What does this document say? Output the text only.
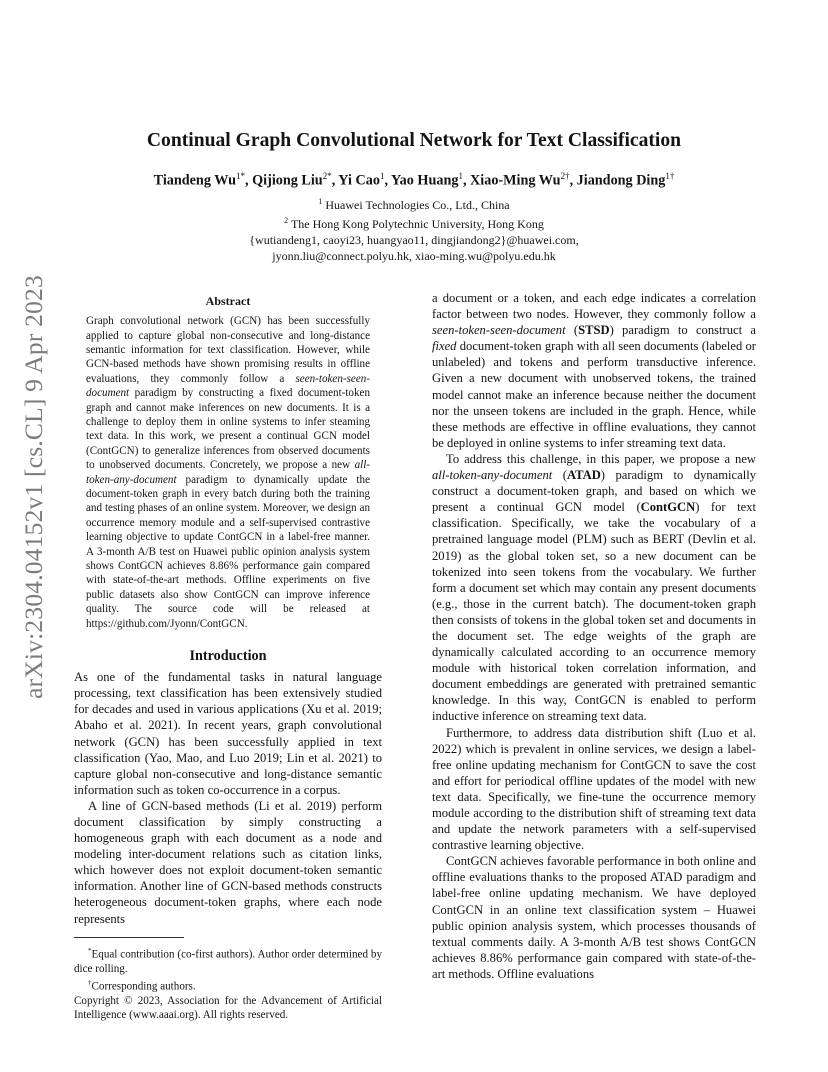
arXiv:2304.04152v1 [cs.CL] 9 Apr 2023
Continual Graph Convolutional Network for Text Classification
Tiandeng $Wu^{1*}$, Qijiong Liu$^{2*}$, Yi Cao$^1$, Yao Huang$^1$, Xiao-Ming $Wu^{2\dagger}$, Jiandong Ding$^{1\dagger}$
$^1$ Huawei Technologies Co., Ltd., China
$^2$ The Hong Kong Polytechnic University, Hong Kong
{wutiandeng1, caoyi23, huangyao11, dingjiandong2}@huawei.com,
jyonn.liu@connect.polyu.hk, xiao-ming.wu@polyu.edu.hk
Abstract
Graph convolutional network (GCN) has been successfully applied to capture global non-consecutive and long-distance semantic information for text classification. However, while GCN-based methods have shown promising results in offline evaluations, they commonly follow a seen-token-seen-document paradigm by constructing a fixed document-token graph and cannot make inferences on new documents. It is a challenge to deploy them in online systems to infer steaming text data. In this work, we present a continual GCN model (ContGCN) to generalize inferences from observed documents to unobserved documents. Concretely, we propose a new all-token-any-document paradigm to dynamically update the document-token graph in every batch during both the training and testing phases of an online system. Moreover, we design an occurrence memory module and a self-supervised contrastive learning objective to update ContGCN in a label-free manner. A 3-month A/B test on Huawei public opinion analysis system shows ContGCN achieves 8.86% performance gain compared with state-of-the-art methods. Offline experiments on five public datasets also show ContGCN can improve inference quality. The source code will be released at https://github.com/Jyonn/ContGCN.
Introduction

As one of the fundamental tasks in natural language processing, text classification has been extensively studied for decades and used in various applications (Xu et al. 2019; Abaho et al. 2021). In recent years, graph convolutional network (GCN) has been successfully applied in text classification (Yao, Mao, and Luo 2019; Lin et al. 2021) to capture global non-consecutive and long-distance semantic information such as token co-occurrence in a corpus.

A line of GCN-based methods (Li et al. 2019) perform document classification by simply constructing a homogeneous graph with each document as a node and modeling inter-document relations such as citation links, which however does not exploit document-token semantic information. Another line of GCN-based methods constructs heterogeneous document-token graphs, where each node represents

*Equal contribution (co-first authors). Author order determined by dice rolling.

†Corresponding authors.

Copyright © 2023, Association for the Advancement of Artificial Intelligence (www.aaai.org). All rights reserved.

a document or a token, and each edge indicates a correlation factor between two nodes. However, they commonly follow a seen-token-seen-document (STSD) paradigm to construct a fixed document-token graph with all seen documents (labeled or unlabeled) and tokens and perform transductive inference. Given a new document with unobserved tokens, the trained model cannot make an inference because neither the document nor the unseen tokens are included in the graph. Hence, while these methods are effective in offline evaluations, they cannot be deployed in online systems to infer streaming text data.

To address this challenge, in this paper, we propose a new all-token-any-document (ATAD) paradigm to dynamically construct a document-token graph, and based on which we present a continual GCN model (ContGCN) for text classification. Specifically, we take the vocabulary of a pretrained language model (PLM) such as BERT (Devlin et al. 2019) as the global token set, so a new document can be tokenized into seen tokens from the vocabulary. We further form a document set which may contain any present documents (e.g., those in the current batch). The document-token graph then consists of tokens in the global token set and documents in the document set. The edge weights of the graph are dynamically calculated according to an occurrence memory module with historical token correlation information, and document embeddings are generated with pretrained semantic knowledge. In this way, ContGCN is enabled to perform inductive inference on streaming text data.

Furthermore, to address data distribution shift (Luo et al. 2022) which is prevalent in online services, we design a label-free online updating mechanism for ContGCN to save the cost and effort for periodical offline updates of the model with new text data. Specifically, we fine-tune the occurrence memory module according to the distribution shift of streaming text data and update the network parameters with a self-supervised contrastive learning objective.

ContGCN achieves favorable performance in both online and offline evaluations thanks to the proposed ATAD paradigm and label-free online updating mechanism. We have deployed ContGCN in an online text classification system – Huawei public opinion analysis system, which processes thousands of textual comments daily. A 3-month A/B test shows ContGCN achieves 8.86% performance gain compared with state-of-the-art methods. Offline evaluations
